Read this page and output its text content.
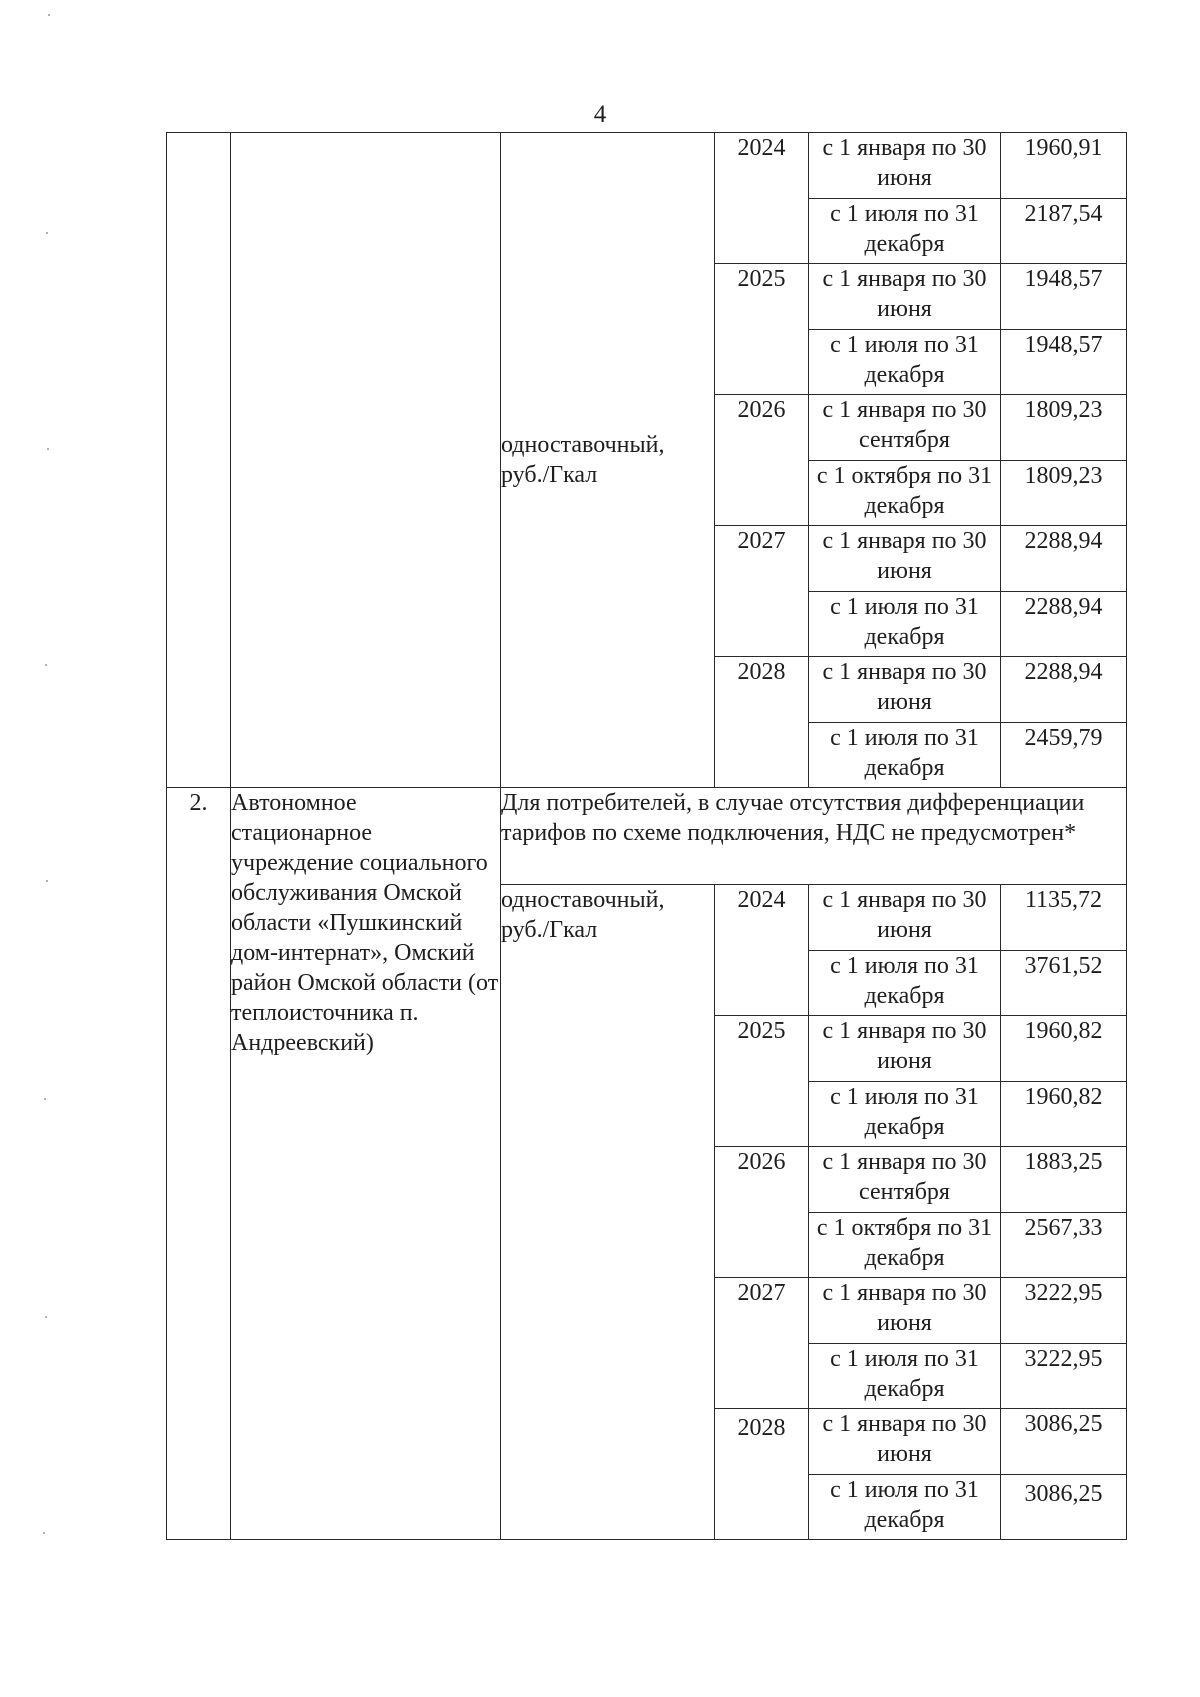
4
		одноставочный, руб./Гкал	2024	с 1 января по 30 июня	1960,91
				с 1 июля по 31 декабря	2187,54
			2025	с 1 января по 30 июня	1948,57
				с 1 июля по 31 декабря	1948,57
			2026	с 1 января по 30 сентября	1809,23
				с 1 октября по 31 декабря	1809,23
			2027	с 1 января по 30 июня	2288,94
				с 1 июля по 31 декабря	2288,94
			2028	с 1 января по 30 июня	2288,94
				с 1 июля по 31 декабря	2459,79
2.	Автономное стационарное учреждение социального обслуживания Омской области «Пушкинский дом-интернат», Омский район Омской области (от теплоисточника п. Андреевский)	Для потребителей, в случае отсутствия дифференциации тарифов по схеме подключения, НДС не предусмотрен*			
		одноставочный, руб./Гкал	2024	с 1 января по 30 июня	1135,72
				с 1 июля по 31 декабря	3761,52
			2025	с 1 января по 30 июня	1960,82
				с 1 июля по 31 декабря	1960,82
			2026	с 1 января по 30 сентября	1883,25
				с 1 октября по 31 декабря	2567,33
			2027	с 1 января по 30 июня	3222,95
				с 1 июля по 31 декабря	3222,95
			2028	с 1 января по 30 июня	3086,25
				с 1 июля по 31 декабря	3086,25
